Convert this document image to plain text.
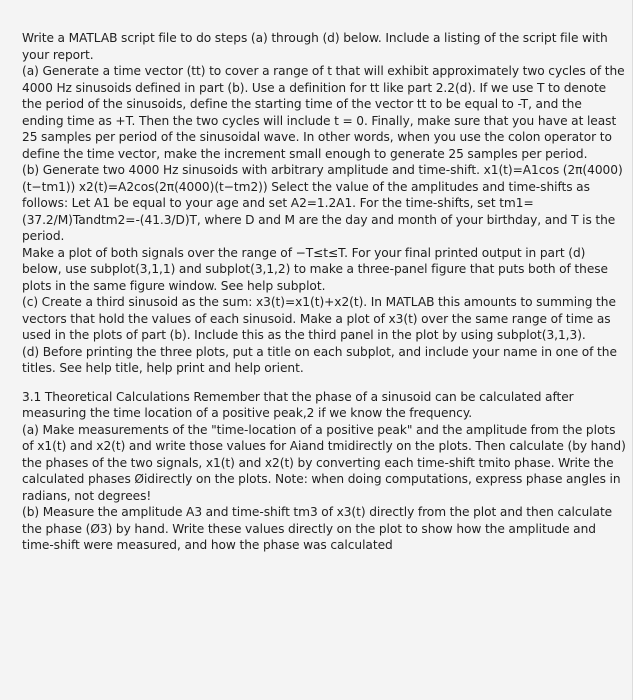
Write a MATLAB script file to do steps (a) through (d) below. Include a listing of the script file with your report.

(a) Generate a time vector (tt) to cover a range of t that will exhibit approximately two cycles of the 4000 Hz sinusoids defined in part (b). Use a definition for tt like part 2.2(d). If we use T to denote the period of the sinusoids, define the starting time of the vector tt to be equal to -T, and the ending time as +T. Then the two cycles will include t = 0. Finally, make sure that you have at least 25 samples per period of the sinusoidal wave. In other words, when you use the colon operator to define the time vector, make the increment small enough to generate 25 samples per period.

(b) Generate two 4000 Hz sinusoids with arbitrary amplitude and time-shift. x1(t)=A1cos (2π(4000)(t−tm1)) x2(t)=A2cos(2π(4000)(t−tm2)) Select the value of the amplitudes and time-shifts as follows: Let A1 be equal to your age and set A2=1.2A1. For the time-shifts, set tm1=(37.2/M)Tandtm2=-(41.3/D)T, where D and M are the day and month of your birthday, and T is the period.

Make a plot of both signals over the range of −T≤t≤T. For your final printed output in part (d) below, use subplot(3,1,1) and subplot(3,1,2) to make a three-panel figure that puts both of these plots in the same figure window. See help subplot.

(c) Create a third sinusoid as the sum: x3(t)=x1(t)+x2(t). In MATLAB this amounts to summing the vectors that hold the values of each sinusoid. Make a plot of x3(t) over the same range of time as used in the plots of part (b). Include this as the third panel in the plot by using subplot(3,1,3).

(d) Before printing the three plots, put a title on each subplot, and include your name in one of the titles. See help title, help print and help orient.

3.1 Theoretical Calculations Remember that the phase of a sinusoid can be calculated after measuring the time location of a positive peak,2 if we know the frequency.

(a) Make measurements of the "time-location of a positive peak" and the amplitude from the plots of x1(t) and x2(t) and write those values for Aiand tmidirectly on the plots. Then calculate (by hand) the phases of the two signals, x1(t) and x2(t) by converting each time-shift tmito phase. Write the calculated phases Øidirectly on the plots. Note: when doing computations, express phase angles in radians, not degrees!

(b) Measure the amplitude A3 and time-shift tm3 of x3(t) directly from the plot and then calculate the phase (Ø3) by hand. Write these values directly on the plot to show how the amplitude and time-shift were measured, and how the phase was calculated
